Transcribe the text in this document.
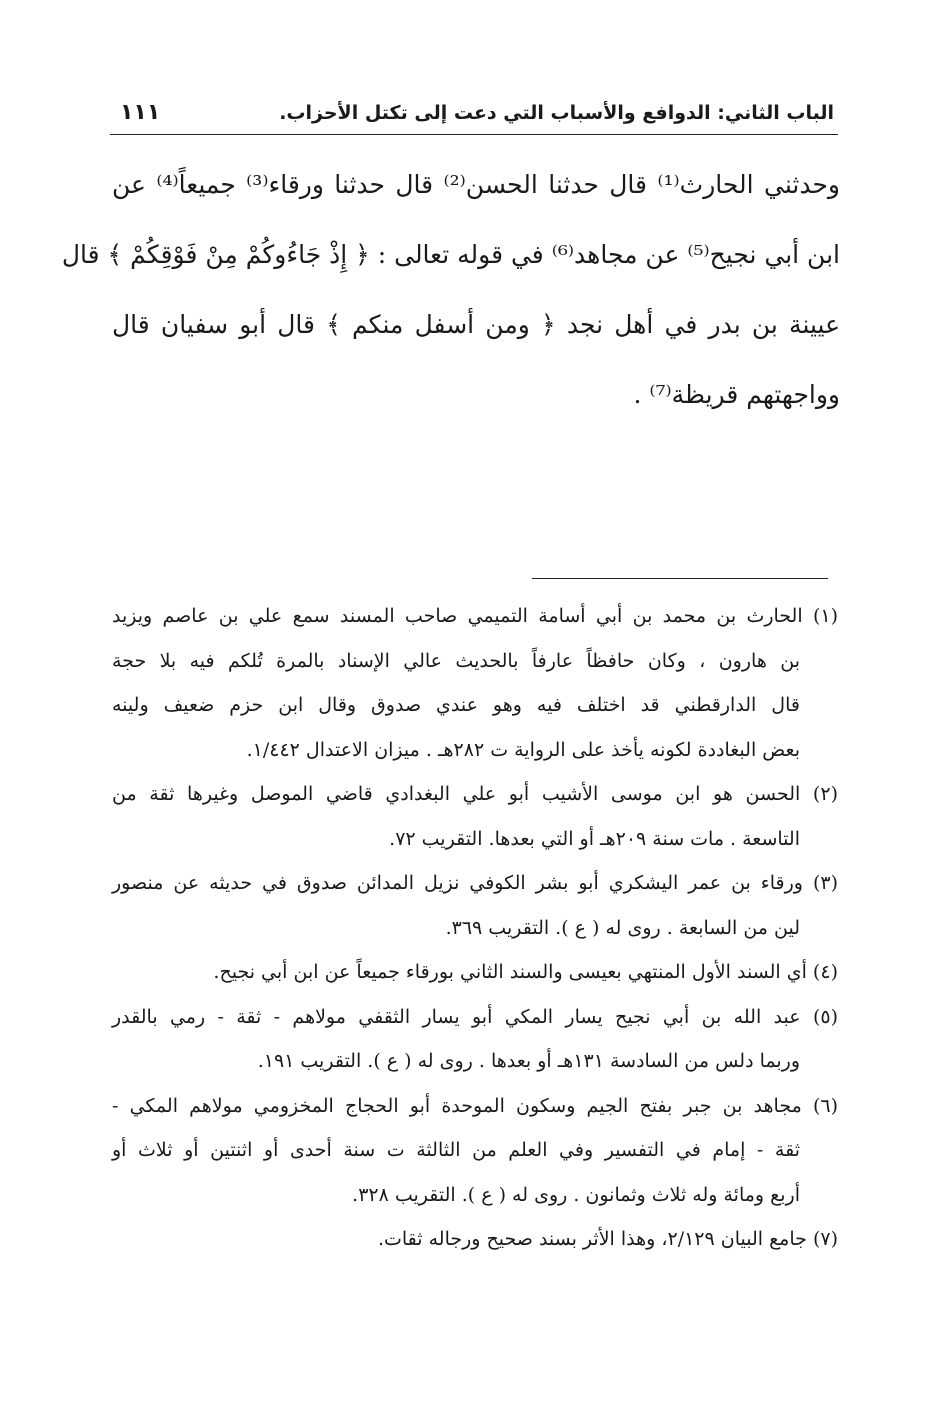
الباب الثاني: الدوافع والأسباب التي دعت إلى تكتل الأحزاب.
١١١
وحدثني الحارث⁽¹⁾ قال حدثنا الحسن⁽²⁾ قال حدثنا ورقاء⁽³⁾ جميعاً⁽⁴⁾ عن
ابن أبي نجيح⁽⁵⁾ عن مجاهد⁽⁶⁾ في قوله تعالى : ﴿ إِذْ جَاءُوكُمْ مِنْ فَوْقِكُمْ ﴾ قال
عيينة بن بدر في أهل نجد ﴿ ومن أسفل منكم ﴾ قال أبو سفيان قال
وواجهتهم قريظة⁽⁷⁾ .
(١) الحارث بن محمد بن أبي أسامة التميمي صاحب المسند سمع علي بن عاصم ويزيد
بن هارون ، وكان حافظاً عارفاً بالحديث عالي الإسناد بالمرة تُلكم فيه بلا حجة
قال الدارقطني قد اختلف فيه وهو عندي صدوق وقال ابن حزم ضعيف ولينه
بعض البغاددة لكونه يأخذ على الرواية ت ٢٨٢هـ . ميزان الاعتدال ١/٤٤٢.
(٢) الحسن هو ابن موسى الأشيب أبو علي البغدادي قاضي الموصل وغيرها ثقة من
التاسعة . مات سنة ٢٠٩هـ أو التي بعدها. التقريب ٧٢.
(٣) ورقاء بن عمر اليشكري أبو بشر الكوفي نزيل المدائن صدوق في حديثه عن منصور
لين من السابعة . روى له ( ع ). التقريب ٣٦٩.
(٤) أي السند الأول المنتهي بعيسى والسند الثاني بورقاء جميعاً عن ابن أبي نجيح.
(٥) عبد الله بن أبي نجيح يسار المكي أبو يسار الثقفي مولاهم - ثقة - رمي بالقدر
وربما دلس من السادسة ١٣١هـ أو بعدها . روى له ( ع ). التقريب ١٩١.
(٦) مجاهد بن جبر بفتح الجيم وسكون الموحدة أبو الحجاج المخزومي مولاهم المكي -
ثقة - إمام في التفسير وفي العلم من الثالثة ت سنة أحدى أو اثنتين أو ثلاث أو
أربع ومائة وله ثلاث وثمانون . روى له ( ع ). التقريب ٣٢٨.
(٧) جامع البيان ٢/١٢٩، وهذا الأثر بسند صحيح ورجاله ثقات.
